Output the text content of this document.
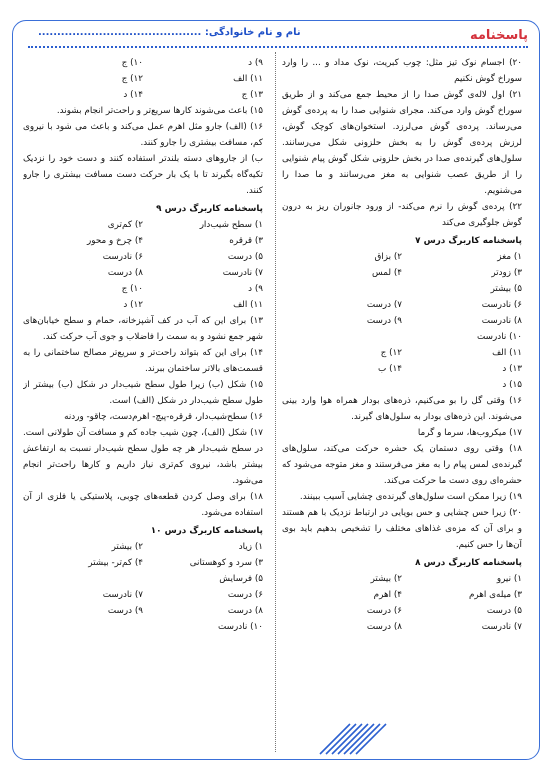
پاسخنامه
نام و نام خانوادگی: ...........................................

۲۰) اجسام نوک تیز مثل: چوب کبریت، نوک مداد و ... را وارد سوراخ گوش نکنیم

۲۱) اول لاله‌ی گوش صدا را از محیط جمع می‌کند و از طریق سوراخ گوش وارد می‌کند. مجرای شنوایی صدا را به پرده‌ی گوش می‌رساند. پرده‌ی گوش می‌لرزد. استخوان‌های کوچک گوش، لرزش پرده‌ی گوش را به بخش حلزونی شکل می‌رسانند. سلول‌های گیرنده‌ی صدا در بخش حلزونی شکل گوش پیام شنوایی را از طریق عصب شنوایی به مغز می‌رسانند و ما صدا را می‌شنویم.

۲۲) پرده‌ی گوش را نرم می‌کند- از ورود جانوران ریز به درون گوش جلوگیری می‌کند

پاسخنامه کاربرگ درس ۷

۱) مغز
۲) بزاق
۳) زودتر
۴) لمس
۵) بیشتر
۶) نادرست
۷) درست
۸) نادرست
۹) درست
۱۰) نادرست
۱۱) الف
۱۲) ج
۱۳) د
۱۴) ب
۱۵) د

۱۶) وقتی گل را بو می‌کنیم، ذره‌های بودار همراه هوا وارد بینی می‌شوند. این ذره‌های بودار به سلول‌های گیرند.

۱۷) میکروب‌ها، سرما و گرما

۱۸) وقتی روی دستمان یک حشره حرکت می‌کند، سلول‌های گیرنده‌ی لمس پیام را به مغز می‌فرستند و مغز متوجه می‌شود که حشره‌ای روی دست ما حرکت می‌کند.

۱۹) زیرا ممکن است سلول‌های گیرنده‌ی چشایی آسیب ببینند.

۲۰) زیرا حس چشایی و حس بویایی در ارتباط نزدیک با هم هستند و برای آن که مزه‌ی غذاهای مختلف را تشخیص بدهیم باید بوی آن‌ها را حس کنیم.

پاسخنامه کاربرگ درس ۸

۱) نیرو
۲) بیشتر
۳) میله‌ی اهرم
۴) اهرم
۵) درست
۶) درست
۷) نادرست
۸) درست
۹) د
۱۰) ج
۱۱) الف
۱۲) ج
۱۳) ج
۱۴) د

۱۵) باعث می‌شوند کارها سریع‌تر و راحت‌تر انجام بشوند.

۱۶) (الف) جارو مثل اهرم عمل می‌کند و باعث می شود با نیروی کم، مسافت بیشتری را جارو کنند.

ب) از جاروهای دسته بلندتر استفاده کنند و دست خود را نزدیک تکیه‌گاه بگیرند تا با یک بار حرکت دست مسافت بیشتری را جارو کنند.

پاسخنامه کاربرگ درس ۹

۱) سطح شیب‌دار
۲) کم‌تری
۳) قرقره
۴) چرخ و محور
۵) درست
۶) نادرست
۷) نادرست
۸) درست
۹) د
۱۰) ج
۱۱) الف
۱۲) د

۱۳) برای این که آب در کف آشپزخانه، حمام و سطح خیابان‌های شهر جمع نشود و به سمت را فاضلاب و جوی آب حرکت کند.

۱۴) برای این که بتواند راحت‌تر و سریع‌تر مصالح ساختمانی را به قسمت‌های بالاتر ساختمان ببرند.

۱۵) شکل (ب) زیرا طول سطح شیب‌دار در شکل (ب) بیشتر از طول سطح شیب‌دار در شکل (الف) است.

۱۶) سطح‌شیب‌دار، قرقره-پیچ- اهرم‌دست، چاقو- وردنه

۱۷) شکل (الف)، چون شیب جاده کم و مسافت آن طولانی است. در سطح شیب‌دار هر چه طول سطح شیب‌دار نسبت به ارتفاعش بیشتر باشد، نیروی کم‌تری نیاز داریم و کارها راحت‌تر انجام می‌شود.

۱۸) برای وصل کردن قطعه‌های چوبی، پلاستیکی یا فلزی از آن استفاده می‌شود.

پاسخنامه کاربرگ درس ۱۰

۱) زیاد
۲) بیشتر
۳) سرد و کوهستانی
۴) کم‌تر- بیشتر
۵) فرسایش
۶) درست
۷) نادرست
۸) درست
۹) درست
۱۰) نادرست
